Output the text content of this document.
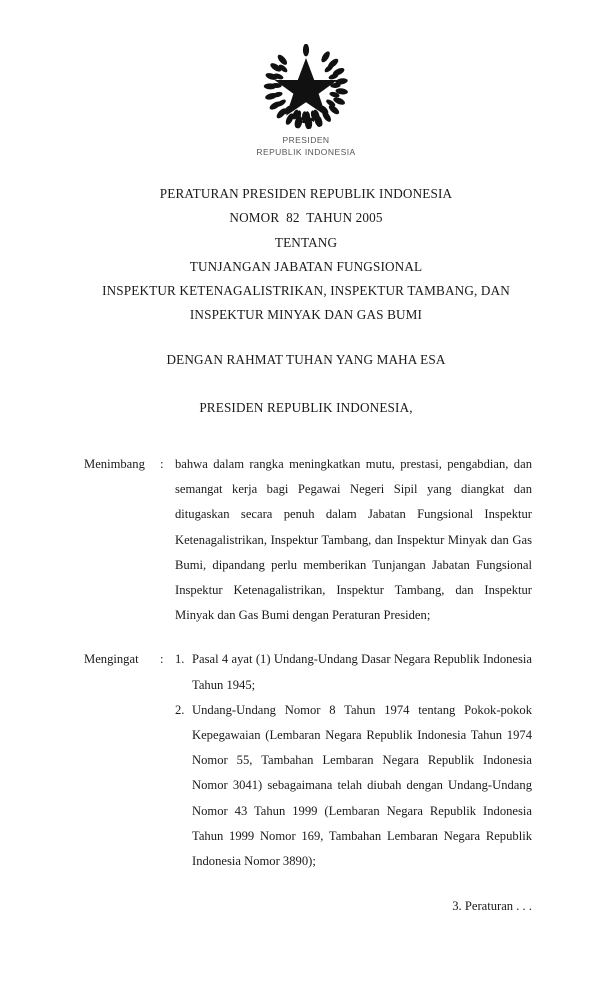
PRESIDEN
REPUBLIK INDONESIA
PERATURAN PRESIDEN REPUBLIK INDONESIA
NOMOR  82  TAHUN 2005
TENTANG
TUNJANGAN JABATAN FUNGSIONAL
INSPEKTUR KETENAGALISTRIKAN, INSPEKTUR TAMBANG, DAN
INSPEKTUR MINYAK DAN GAS BUMI
DENGAN RAHMAT TUHAN YANG MAHA ESA
PRESIDEN REPUBLIK INDONESIA,
Menimbang	: bahwa dalam rangka meningkatkan mutu, prestasi, pengabdian, dan semangat kerja bagi Pegawai Negeri Sipil yang diangkat dan ditugaskan secara penuh dalam Jabatan Fungsional Inspektur Ketenagalistrikan, Inspektur Tambang, dan Inspektur Minyak dan Gas Bumi, dipandang perlu memberikan Tunjangan Jabatan Fungsional Inspektur Ketenagalistrikan, Inspektur Tambang, dan Inspektur Minyak dan Gas Bumi dengan Peraturan Presiden;

Mengingat	: 1. Pasal 4 ayat (1) Undang-Undang Dasar Negara Republik Indonesia Tahun 1945;
2. Undang-Undang Nomor 8 Tahun 1974 tentang Pokok-pokok Kepegawaian (Lembaran Negara Republik Indonesia Tahun 1974 Nomor 55, Tambahan Lembaran Negara Republik Indonesia Nomor 3041) sebagaimana telah diubah dengan Undang-Undang Nomor 43 Tahun 1999 (Lembaran Negara Republik Indonesia Tahun 1999 Nomor 169, Tambahan Lembaran Negara Republik Indonesia Nomor 3890);
3. Peraturan . . .
